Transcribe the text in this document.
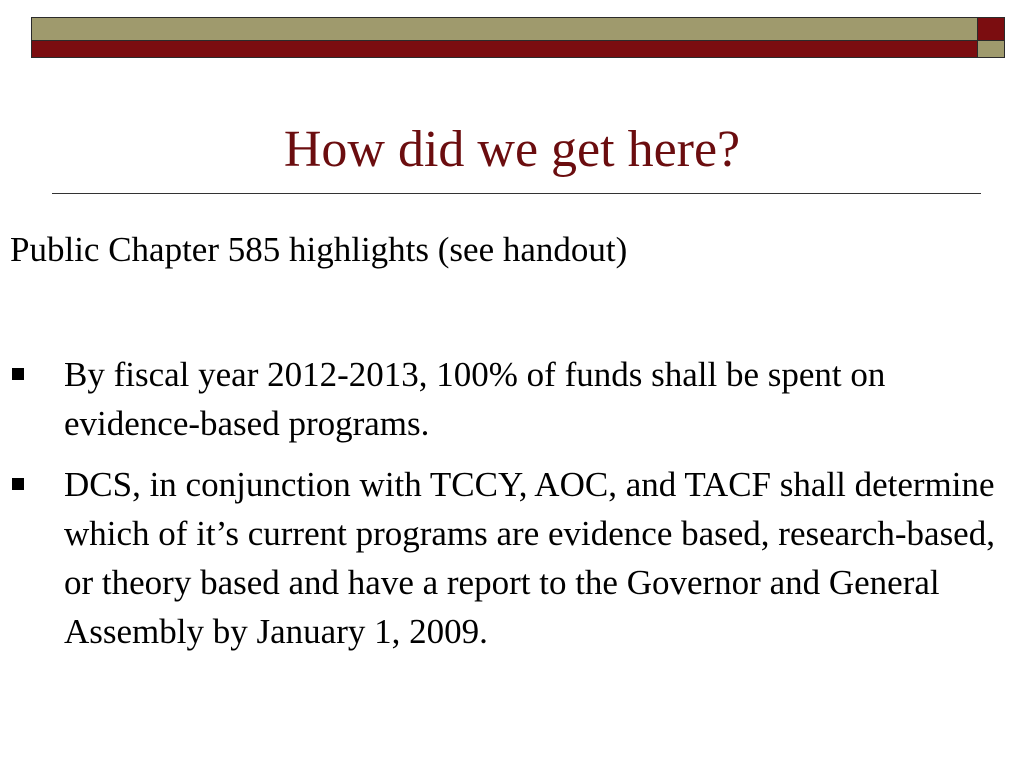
How did we get here?

Public Chapter 585 highlights (see handout)

By fiscal year 2012-2013, 100% of funds shall be spent on evidence-based programs.
DCS, in conjunction with TCCY, AOC, and TACF shall determine which of it’s current programs are evidence based, research-based, or theory based and have a report to the Governor and General Assembly by January 1, 2009.
